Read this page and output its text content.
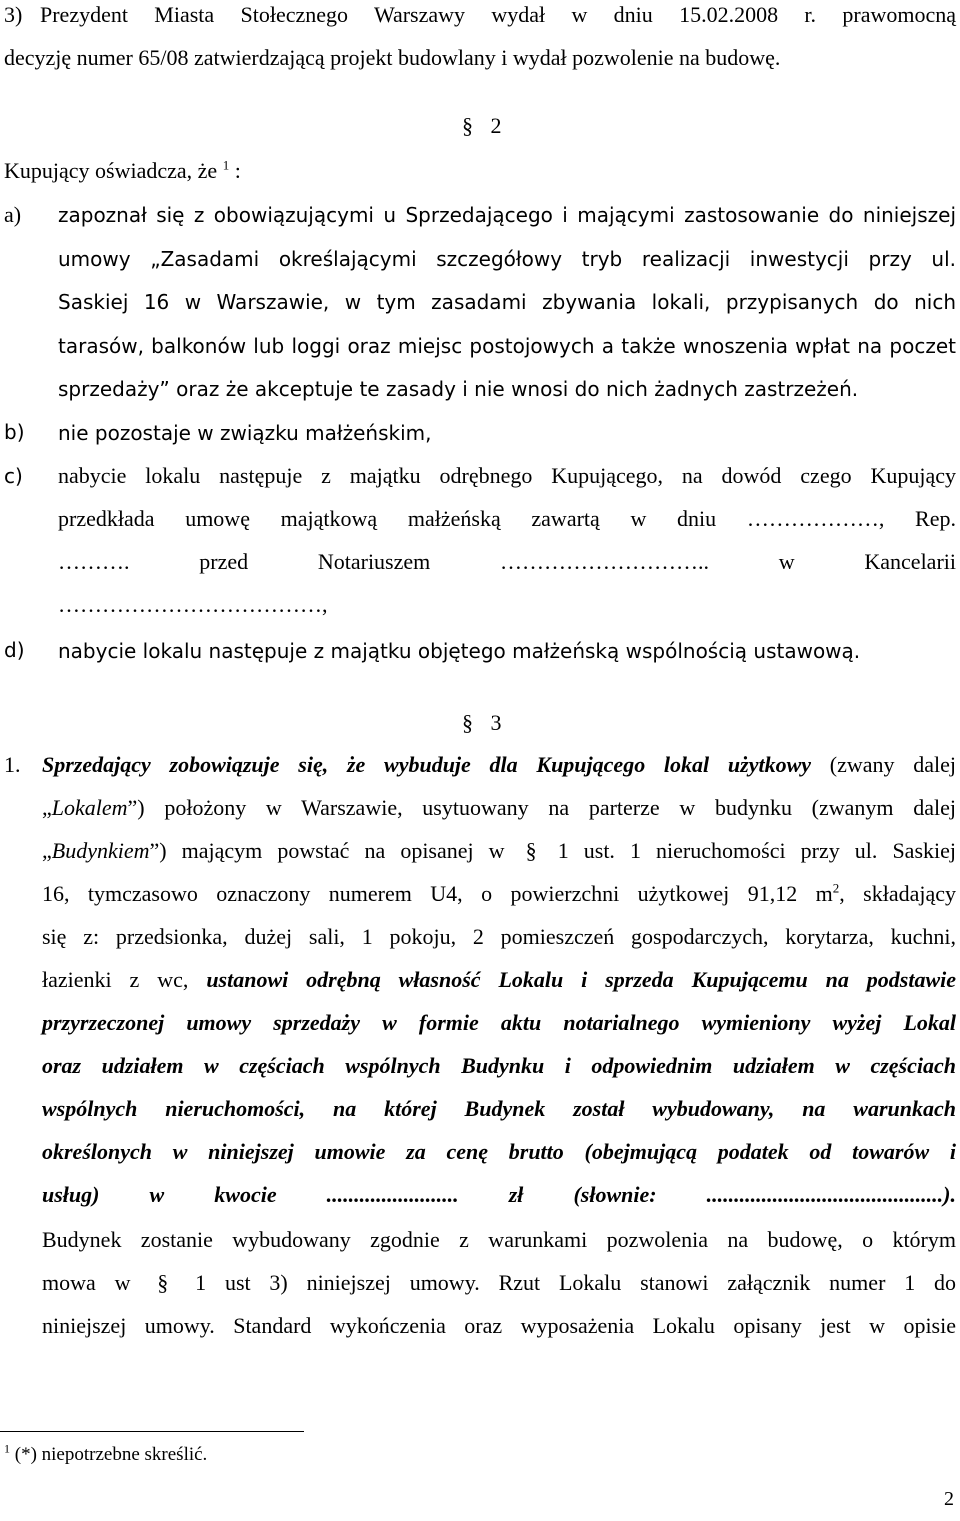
3) Prezydent Miasta Stołecznego Warszawy wydał w dniu 15.02.2008 r. prawomocną
decyzję numer 65/08 zatwierdzającą projekt budowlany i wydał pozwolenie na budowę.
§ 2
Kupujący oświadcza, że $^1$ :
a) zapoznał się z obowiązującymi u Sprzedającego i mającymi zastosowanie do niniejszej
umowy „Zasadami określającymi szczegółowy tryb realizacji inwestycji przy ul.
Saskiej 16 w Warszawie, w tym zasadami zbywania lokali, przypisanych do nich
tarasów, balkonów lub loggi oraz miejsc postojowych a także wnoszenia wpłat na poczet
sprzedaży” oraz że akceptuje te zasady i nie wnosi do nich żadnych zastrzeżeń.
b) nie pozostaje w związku małżeńskim,
c) nabycie lokalu następuje z majątku odrębnego Kupującego, na dowód czego Kupujący
przedkłada umowę majątkową małżeńską zawartą w dniu ………………, Rep.
………. przed Notariuszem ……………………….. w Kancelarii
………………………………,
d) nabycie lokalu następuje z majątku objętego małżeńską wspólnością ustawową.
§ 3
1. Sprzedający zobowiązuje się, że wybuduje dla Kupującego lokal użytkowy (zwany dalej
„Lokalem”) położony w Warszawie, usytuowany na parterze w budynku (zwanym dalej
„Budynkiem”) mającym powstać na opisanej w § 1 ust. 1 nieruchomości przy ul. Saskiej
16, tymczasowo oznaczony numerem U4, o powierzchni użytkowej 91,12 $m^2$, składający
się z: przedsionka, dużej sali, 1 pokoju, 2 pomieszczeń gospodarczych, korytarza, kuchni,
łazienki z wc, ustanowi odrębną własność Lokalu i sprzeda Kupującemu na podstawie
przyrzeczonej umowy sprzedaży w formie aktu notarialnego wymieniony wyżej Lokal
oraz udziałem w częściach wspólnych Budynku i odpowiednim udziałem w częściach
wspólnych nieruchomości, na której Budynek został wybudowany, na warunkach
określonych w niniejszej umowie za cenę brutto (obejmującą podatek od towarów i
usług) w kwocie ........................ zł (słownie: ...........................................).
Budynek zostanie wybudowany zgodnie z warunkami pozwolenia na budowę, o którym
mowa w § 1 ust 3) niniejszej umowy. Rzut Lokalu stanowi załącznik numer 1 do
niniejszej umowy. Standard wykończenia oraz wyposażenia Lokalu opisany jest w opisie
$^1$ (*) niepotrzebne skreślić.
2
